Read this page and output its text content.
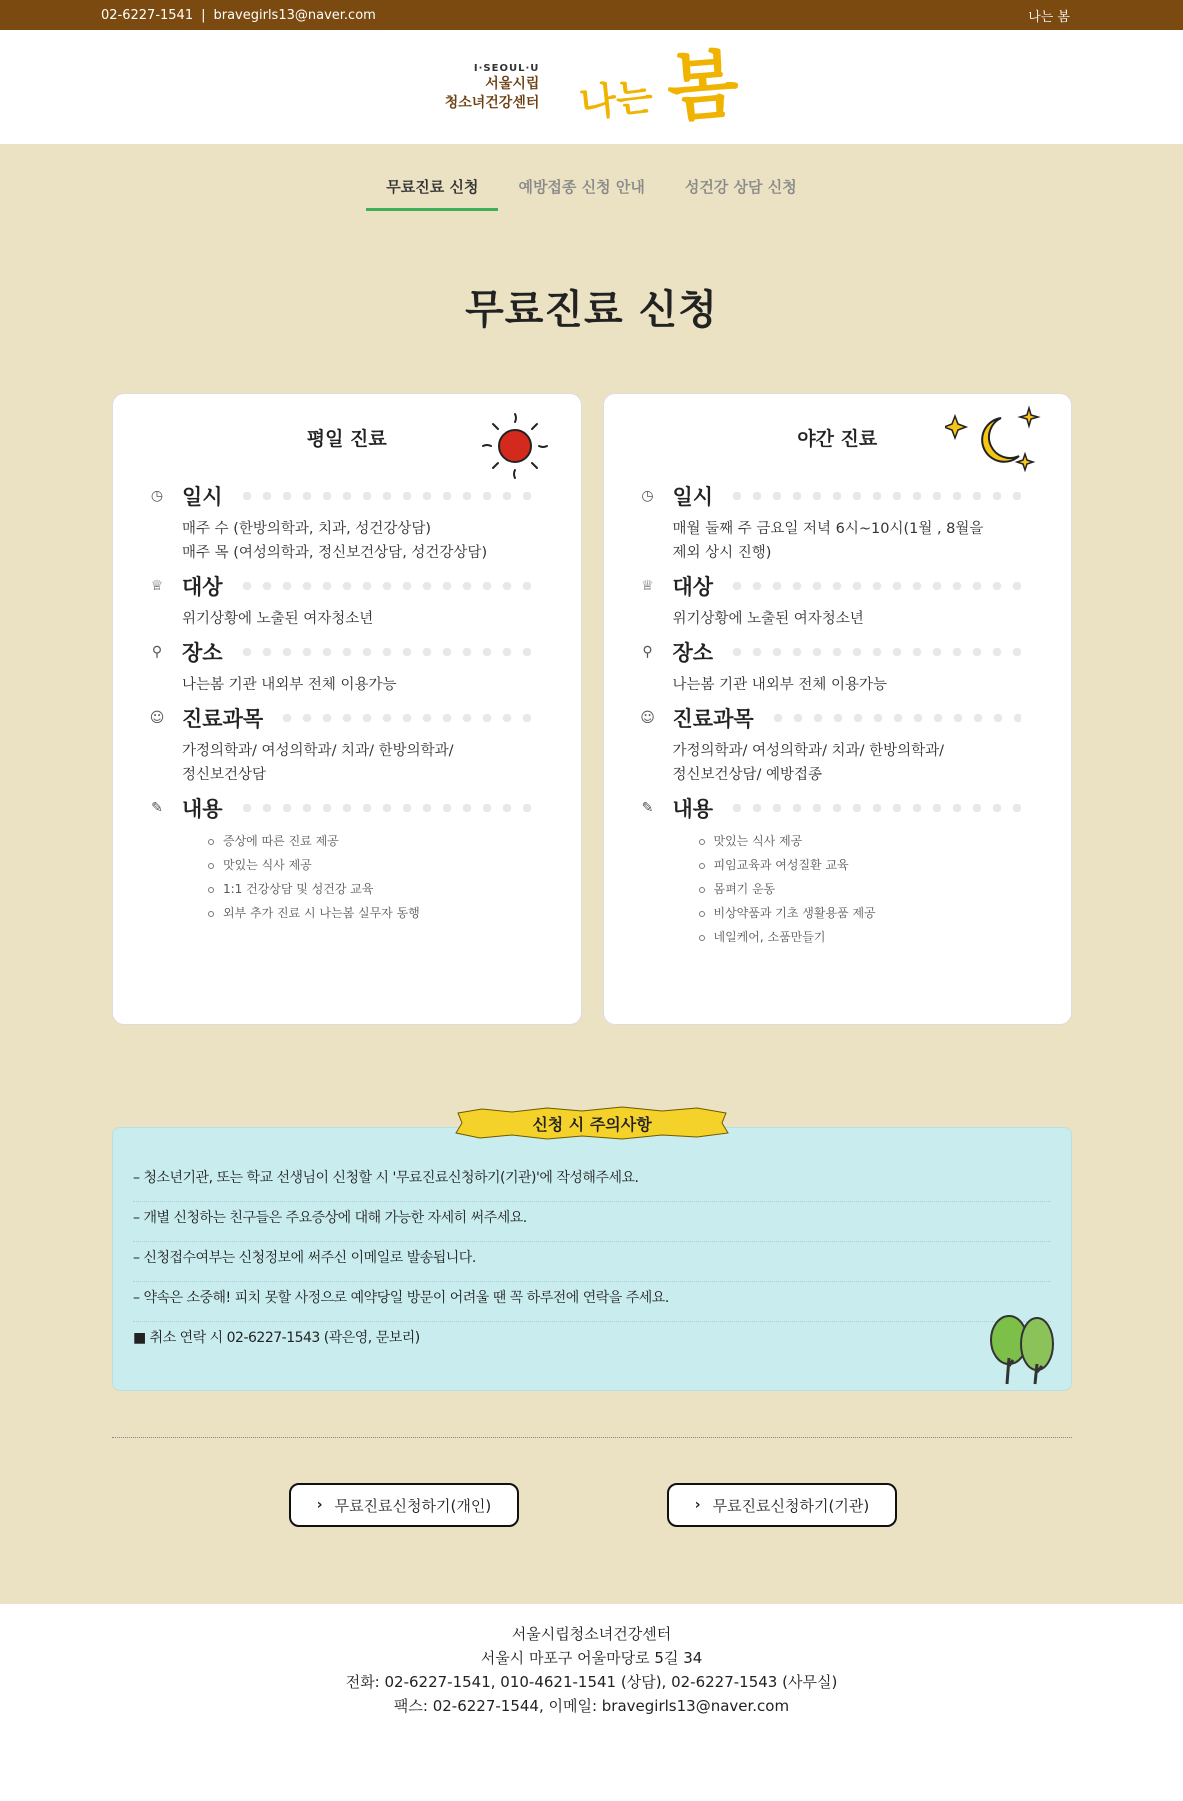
02-6227-1541 | bravegirls13@naver.com	나는 봄
I·SEOUL·U
서울시립
청소녀건강센터 나는 봄
무료진료 신청	예방접종 신청 안내	성건강 상담 신청
무료진료 신청
평일 진료
◷ 일시
매주 수 (한방의학과, 치과, 성건강상담)
매주 목 (여성의학과, 정신보건상담, 성건강상담)
♕ 대상
위기상황에 노출된 여자청소년
⚲ 장소
나는봄 기관 내외부 전체 이용가능
☺ 진료과목
가정의학과/ 여성의학과/ 치과/ 한방의학과/
정신보건상담
✎ 내용
증상에 따른 진료 제공
맛있는 식사 제공
1:1 건강상담 및 성건강 교육
외부 추가 진료 시 나는봄 실무자 동행
야간 진료
◷ 일시
매월 둘째 주 금요일 저녁 6시~10시(1월 , 8월을
제외 상시 진행)
♕ 대상
위기상황에 노출된 여자청소년
⚲ 장소
나는봄 기관 내외부 전체 이용가능
☺ 진료과목
가정의학과/ 여성의학과/ 치과/ 한방의학과/
정신보건상담/ 예방접종
✎ 내용
맛있는 식사 제공
피임교육과 여성질환 교육
몸펴기 운동
비상약품과 기초 생활용품 제공
네일케어, 소품만들기
신청 시 주의사항
– 청소년기관, 또는 학교 선생님이 신청할 시 '무료진료신청하기(기관)'에 작성해주세요.
– 개별 신청하는 친구들은 주요증상에 대해 가능한 자세히 써주세요.
– 신청접수여부는 신청정보에 써주신 이메일로 발송됩니다.
– 약속은 소중해! 피치 못할 사정으로 예약당일 방문이 어려울 땐 꼭 하루전에 연락을 주세요.
■ 취소 연락 시 02-6227-1543 (곽은영, 문보리)
› 무료진료신청하기(개인)	› 무료진료신청하기(기관)
서울시립청소녀건강센터
서울시 마포구 어울마당로 5길 34
전화: 02-6227-1541, 010-4621-1541 (상담), 02-6227-1543 (사무실)
팩스: 02-6227-1544, 이메일: bravegirls13@naver.com
